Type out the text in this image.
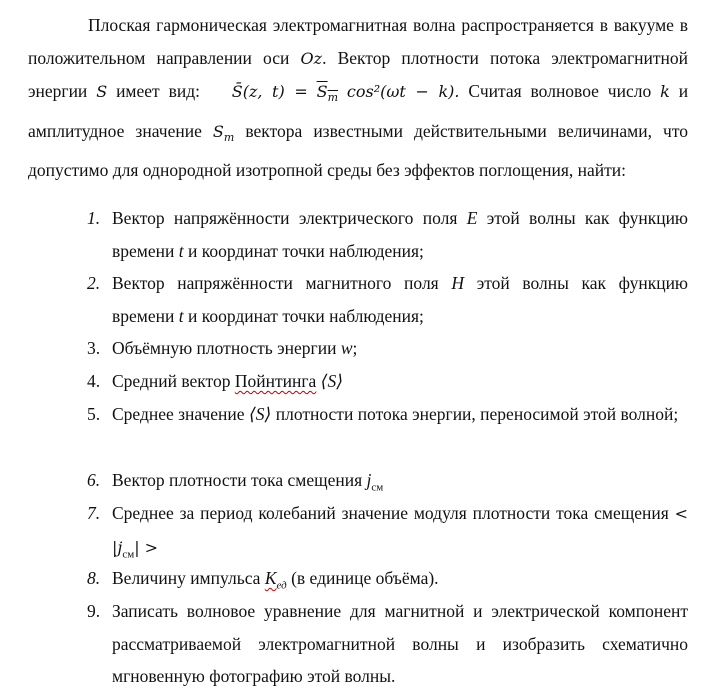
Плоская гармоническая электромагнитная волна распространяется в вакууме в положительном направлении оси Oz. Вектор плотности потока электромагнитной энергии S имеет вид: S̄(z, $t) = S_m$ cos²(ωt − k). Считая волновое число k и амплитудное значение $S_m$ вектора известными действительными величинами, что допустимо для однородной изотропной среды без эффектов поглощения, найти:

1. Вектор напряжённости электрического поля E этой волны как функцию времени t и координат точки наблюдения;
2. Вектор напряжённости магнитного поля H этой волны как функцию времени t и координат точки наблюдения;
3. Объёмную плотность энергии w;
4. Средний вектор Пойнтинга ⟨S⟩
5. Среднее значение ⟨S⟩ плотности потока энергии, переносимой этой волной;
6. Вектор плотности тока смещения $j_{см}$
7. Среднее за период колебаний значение модуля плотности тока смещения < $|j_{см}|$ >
8. Величину импульса $K_{ед}$ (в единице объёма).
9. Записать волновое уравнение для магнитной и электрической компонент рассматриваемой электромагнитной волны и изобразить схематично мгновенную фотографию этой волны.
